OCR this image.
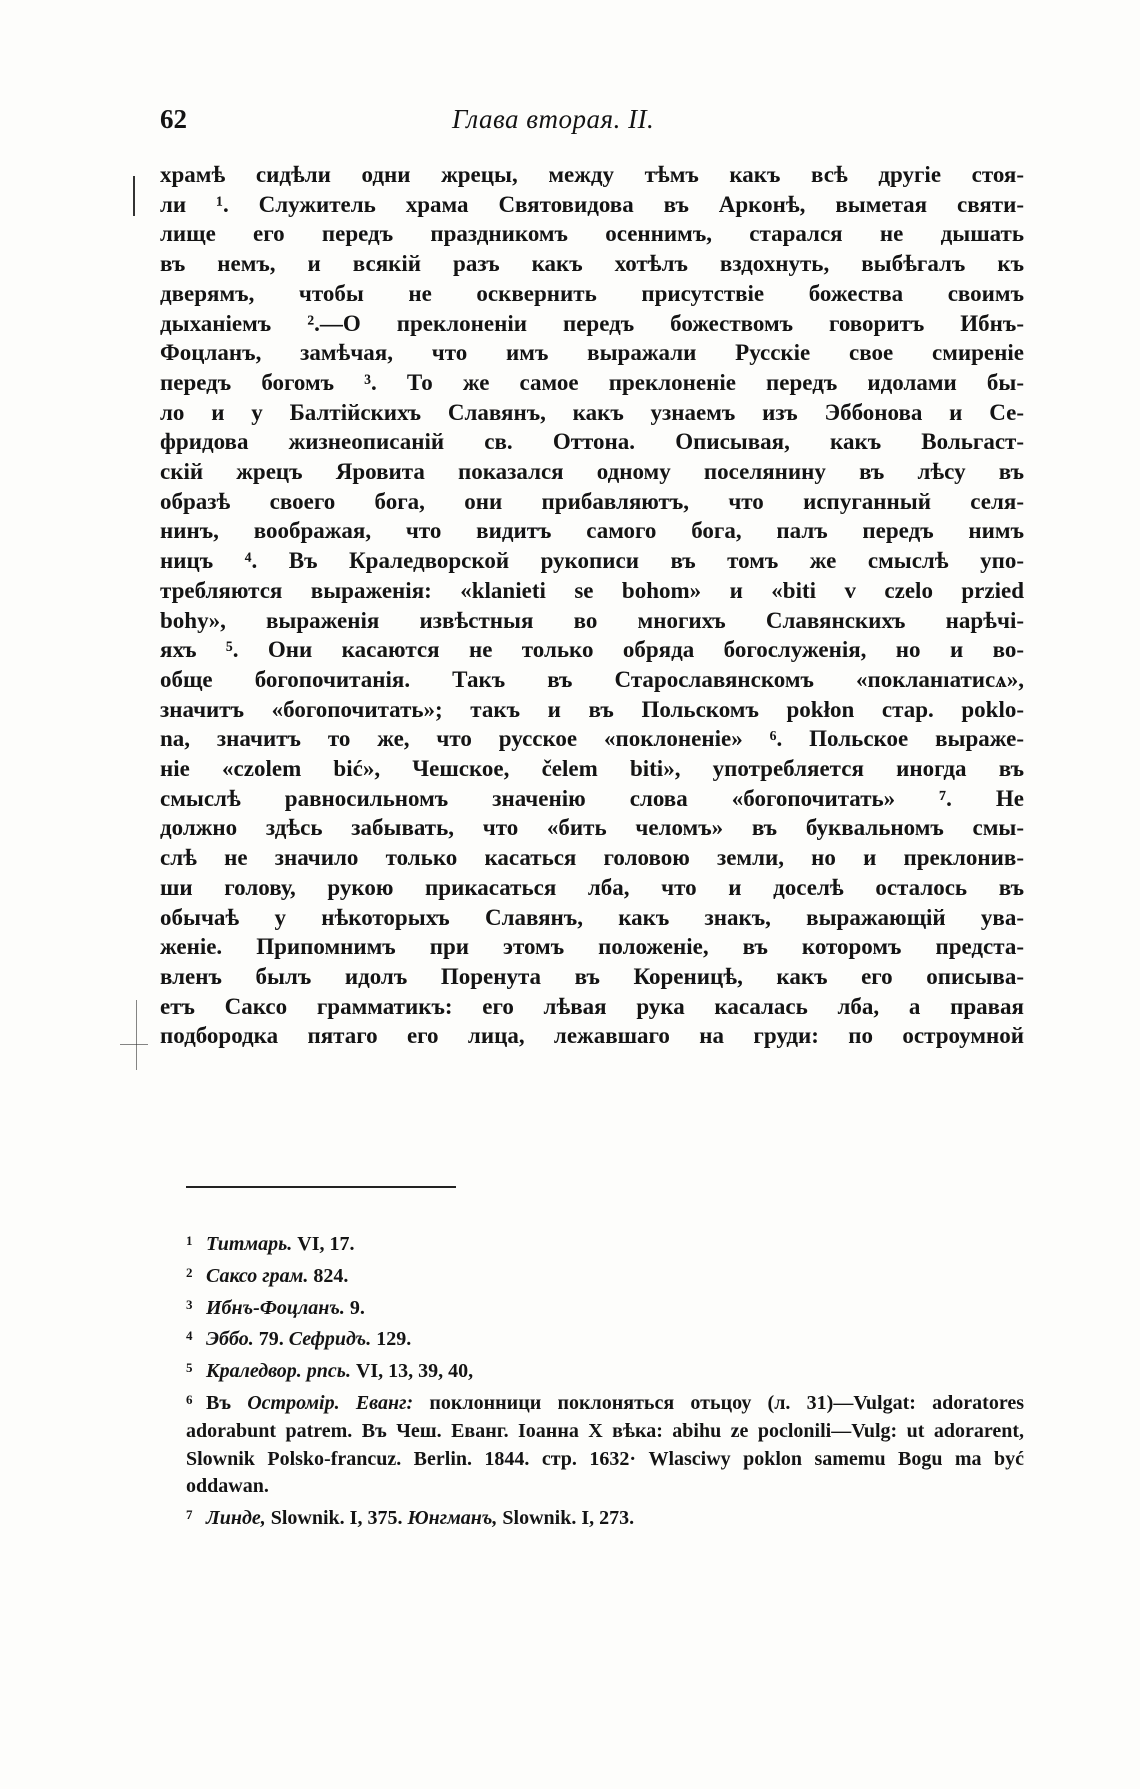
62	Глава вторая. II.
храмѣ сидѣли одни жрецы, между тѣмъ какъ всѣ другіе стоя-
ли ¹. Служитель храма Святовидова въ Арконѣ, выметая святи-
лище его передъ праздникомъ осеннимъ, старался не дышать
въ немъ, и всякій разъ какъ хотѣлъ вздохнуть, выбѣгалъ къ
дверямъ, чтобы не осквернить присутствіе божества своимъ
дыханіемъ ².—О преклоненіи передъ божествомъ говоритъ Ибнъ-
Фоцланъ, замѣчая, что имъ выражали Русскіе свое смиреніе
передъ богомъ ³. То же самое преклоненіе передъ идолами бы-
ло и у Балтійскихъ Славянъ, какъ узнаемъ изъ Эббонова и Се-
фридова жизнеописаній св. Оттона. Описывая, какъ Вольгаст-
скій жрецъ Яровита показался одному поселянину въ лѣсу въ
образѣ своего бога, они прибавляютъ, что испуганный селя-
нинъ, воображая, что видитъ самого бога, палъ передъ нимъ
ницъ ⁴. Въ Краледворской рукописи въ томъ же смыслѣ упо-
требляются выраженія: «klanieti se bohom» и «biti v czelo przied
bohy», выраженія извѣстныя во многихъ Славянскихъ нарѣчі-
яхъ ⁵. Они касаются не только обряда богослуженія, но и во-
обще богопочитанія. Такъ въ Старославянскомъ «покланıатисѧ»,
значитъ «богопочитать»; такъ и въ Польскомъ pokłon стар. poklo-
na, значитъ то же, что русское «поклоненіе» ⁶. Польское выраже-
ніе «czolem bić», Чешское, čelem biti», употребляется иногда въ
смыслѣ равносильномъ значенію слова «богопочитать» ⁷. Не
должно здѣсь забывать, что «бить челомъ» въ буквальномъ смы-
слѣ не значило только касаться головою земли, но и преклонив-
ши голову, рукою прикасаться лба, что и доселѣ осталось въ
обычаѣ у нѣкоторыхъ Славянъ, какъ знакъ, выражающій ува-
женіе. Припомнимъ при этомъ положеніе, въ которомъ предста-
вленъ былъ идолъ Поренута въ Кореницѣ, какъ его описыва-
етъ Саксо грамматикъ: его лѣвая рука касалась лба, а правая
подбородка пятаго его лица, лежавшаго на груди: по остроумной
1 Титмарь. VI, 17.
2 Саксо грам. 824.
3 Ибнъ-Фоцланъ. 9.
4 Эббо. 79. Сефридъ. 129.
5 Краледвор. рпсь. VI, 13, 39, 40,
6 Въ Остромір. Еванг: поклонници поклоняться отьцоу (л. 31)—Vulgat: adoratores adorabunt patrem. Въ Чеш. Еванг. Іоанна X вѣка: abihu ze poclonili—Vulg: ut adorarent, Slownik Polsko-francuz. Berlin. 1844. стр. 1632· Wlasciwy poklon samemu Bogu ma być oddawan.
7 Линде, Slownik. I, 375. Юнгманъ, Slownik. I, 273.
